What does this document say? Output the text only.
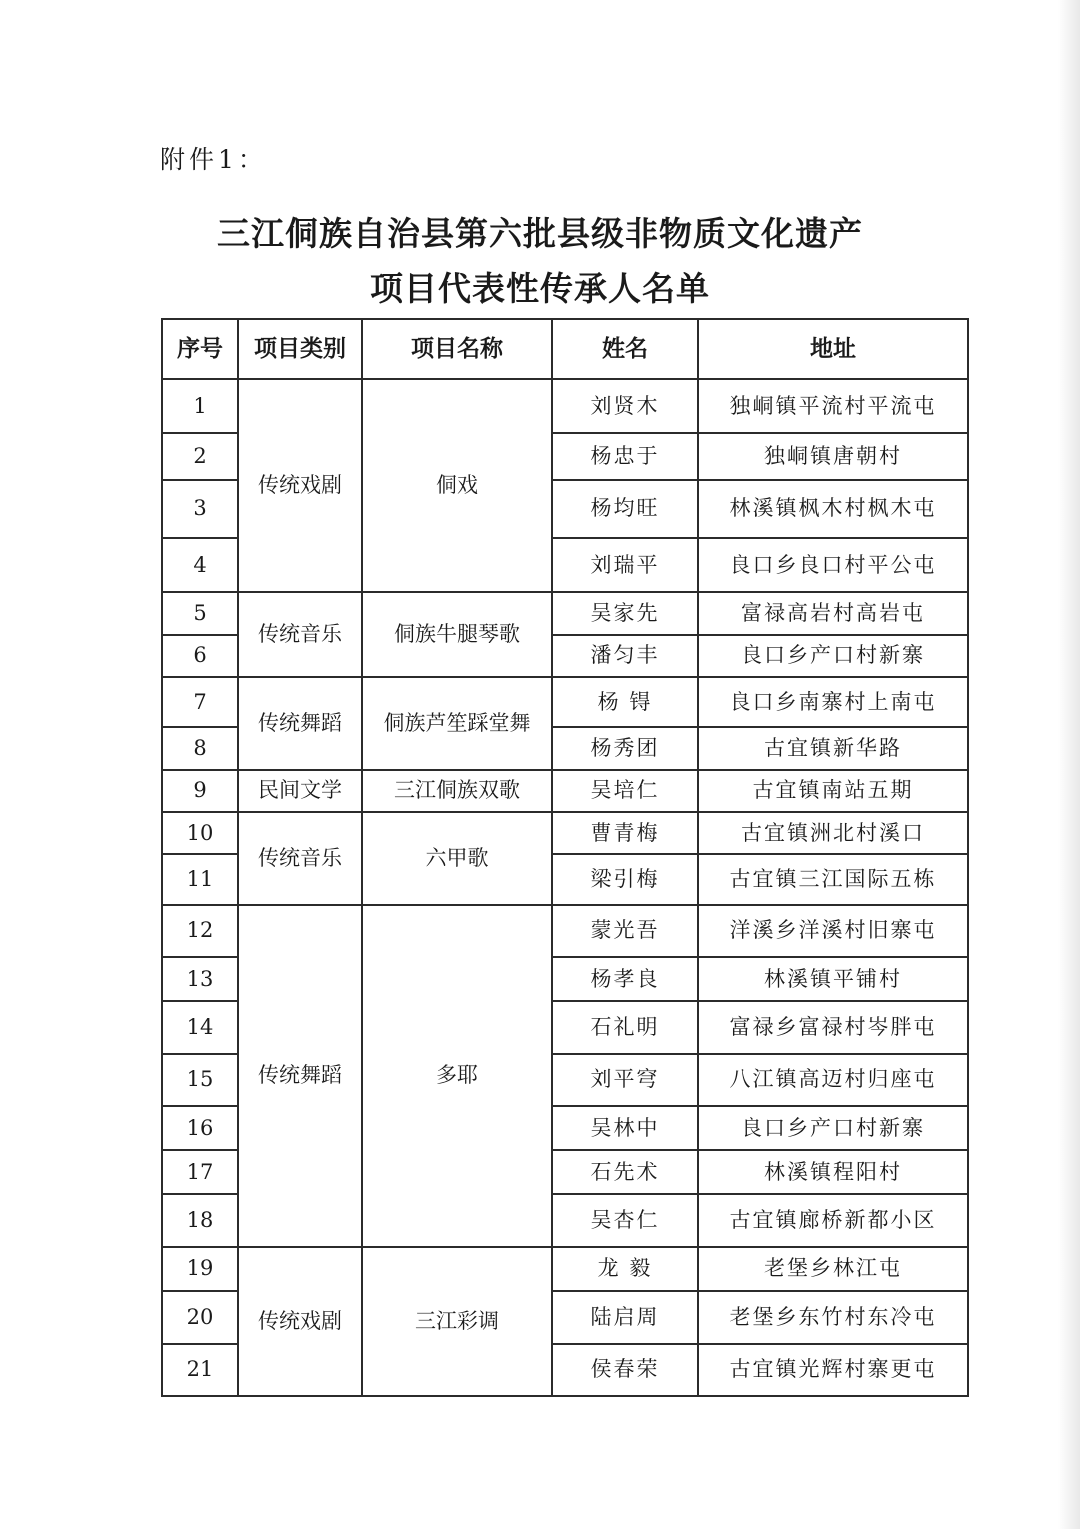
附件1：
三江侗族自治县第六批县级非物质文化遗产
项目代表性传承人名单
序号	项目类别	项目名称	姓名	地址
1	传统戏剧	侗戏	刘贤木	独峒镇平流村平流屯
2			杨忠于	独峒镇唐朝村
3			杨均旺	林溪镇枫木村枫木屯
4			刘瑞平	良口乡良口村平公屯
5	传统音乐	侗族牛腿琴歌	吴家先	富禄高岩村高岩屯
6			潘匀丰	良口乡产口村新寨
7	传统舞蹈	侗族芦笙踩堂舞	杨 锝	良口乡南寨村上南屯
8			杨秀团	古宜镇新华路
9	民间文学	三江侗族双歌	吴培仁	古宜镇南站五期
10	传统音乐	六甲歌	曹青梅	古宜镇洲北村溪口
11			梁引梅	古宜镇三江国际五栋
12	传统舞蹈	多耶	蒙光吾	洋溪乡洋溪村旧寨屯
13			杨孝良	林溪镇平铺村
14			石礼明	富禄乡富禄村岑胖屯
15			刘平穹	八江镇高迈村归座屯
16			吴林中	良口乡产口村新寨
17			石先术	林溪镇程阳村
18			吴杏仁	古宜镇廊桥新都小区
19	传统戏剧	三江彩调	龙 毅	老堡乡林江屯
20			陆启周	老堡乡东竹村东冷屯
21			侯春荣	古宜镇光辉村寨更屯
